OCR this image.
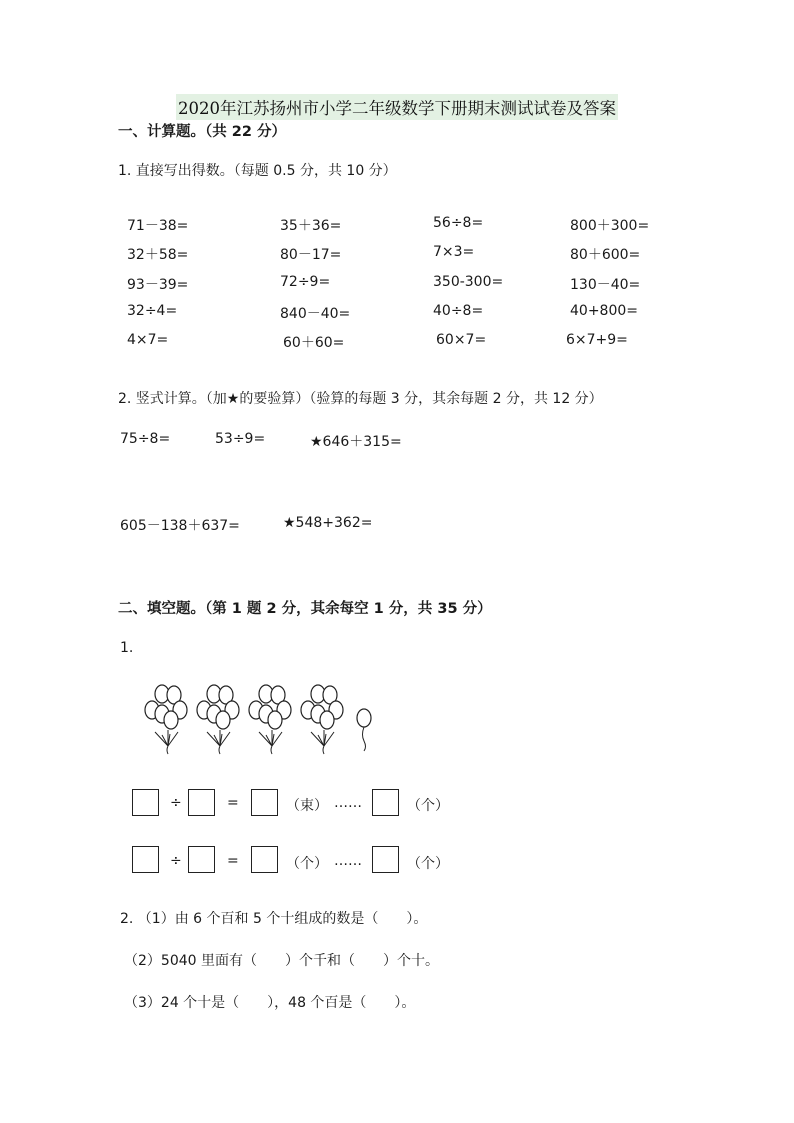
2020年江苏扬州市小学二年级数学下册期末测试试卷及答案
一、计算题。（共 22 分）
1. 直接写出得数。（每题 0.5 分，共 10 分）
71－38=	35＋36=	56÷8=	800＋300=
32＋58=	80－17=	7×3=	80＋600=
93－39=	72÷9=	350-300=	130－40=
32÷4=	840－40=	40÷8=	40+800=
4×7=	60＋60=	60×7=	6×7+9=
2. 竖式计算。（加★的要验算）（验算的每题 3 分，其余每题 2 分，共 12 分）
75÷8=	53÷9=	★646＋315=
605－138＋637=	★548+362=
二、填空题。（第 1 题 2 分，其余每空 1 分，共 35 分）
1.
÷	=	（束） ……	（个）
÷	=	（个） ……	（个）
2. （1）由 6 个百和 5 个十组成的数是（　　）。
（2）5040 里面有（　　）个千和（　　）个十。
（3）24 个十是（　　），48 个百是（　　）。
